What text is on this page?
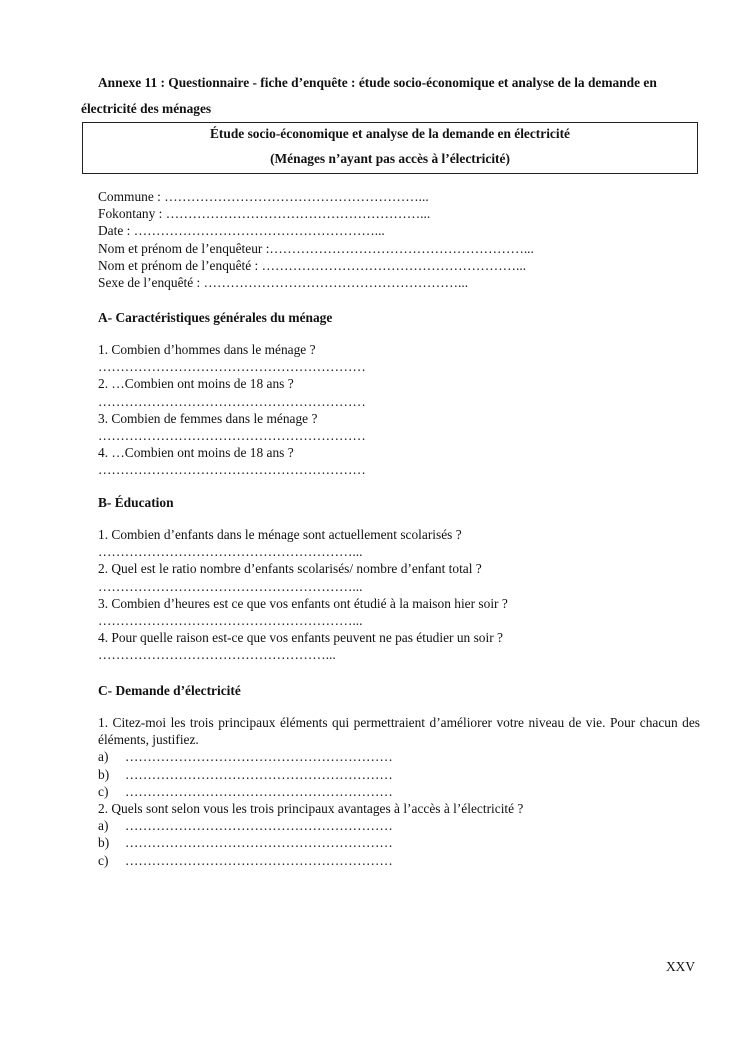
Annexe 11 : Questionnaire - fiche d’enquête : étude socio-économique et analyse de la demande en électricité des ménages
Étude socio-économique et analyse de la demande en électricité
(Ménages n’ayant pas accès à l’électricité)
Commune : …………………………………………………...
Fokontany : …………………………………………………...
Date : ………………………………………………...
Nom et prénom de l’enquêteur :…………………………………………………...
Nom et prénom de l’enquêté : …………………………………………………...
Sexe de l’enquêté : …………………………………………………...
A- Caractéristiques générales du ménage
1. Combien d’hommes dans le ménage ?
……………………………………………………
2. …Combien ont moins de 18 ans ?
……………………………………………………
3. Combien de femmes dans le ménage ?
……………………………………………………
4. …Combien ont moins de 18 ans ?
……………………………………………………
B- Éducation
1. Combien d’enfants dans le ménage sont actuellement scolarisés ?
…………………………………………………...
2. Quel est le ratio nombre d’enfants scolarisés/ nombre d’enfant total ?
…………………………………………………...
3. Combien d’heures est ce que vos enfants ont étudié à la maison hier soir ?
…………………………………………………...
4. Pour quelle raison est-ce que vos enfants peuvent ne pas étudier un soir ?
……………………………………………...
C- Demande d’électricité
1. Citez-moi les trois principaux éléments qui permettraient d’améliorer votre niveau de vie. Pour chacun des éléments, justifiez.
a)	……………………………………………………
b)	……………………………………………………
c)	……………………………………………………
2. Quels sont selon vous les trois principaux avantages à l’accès à l’électricité ?
a)	……………………………………………………
b)	……………………………………………………
c)	……………………………………………………
XXV
